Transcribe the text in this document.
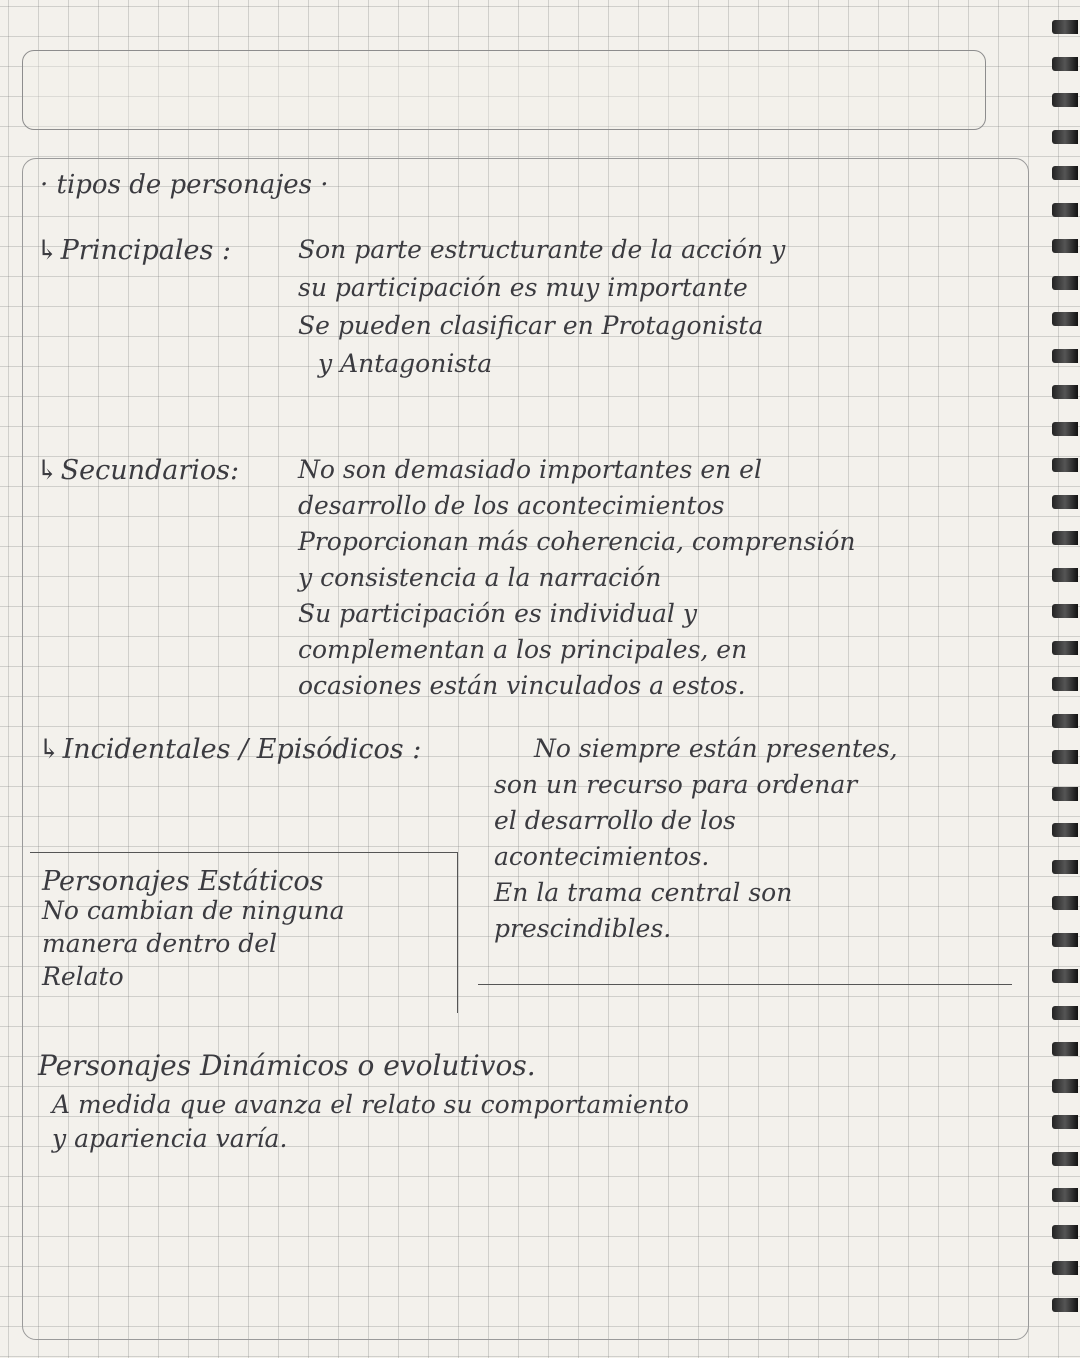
· tipos de personajes ·
↳Principales :	Son parte estructurante de la acción y
su participación es muy importante
Se pueden clasificar en Protagonista
y Antagonista
↳Secundarios: No son demasiado importantes en el
desarrollo de los acontecimientos
Proporcionan más coherencia, comprensión
y consistencia a la narración
Su participación es individual y
complementan a los principales, en
ocasiones están vinculados a estos.
↳Incidentales / Episódicos :	No siempre están presentes,
son un recurso para ordenar
el desarrollo de los
acontecimientos.
En la trama central son
prescindibles.
Personajes Estáticos
No cambian de ninguna
manera dentro del
Relato
Personajes Dinámicos o evolutivos.
A medida que avanza el relato su comportamiento
y apariencia varía.
